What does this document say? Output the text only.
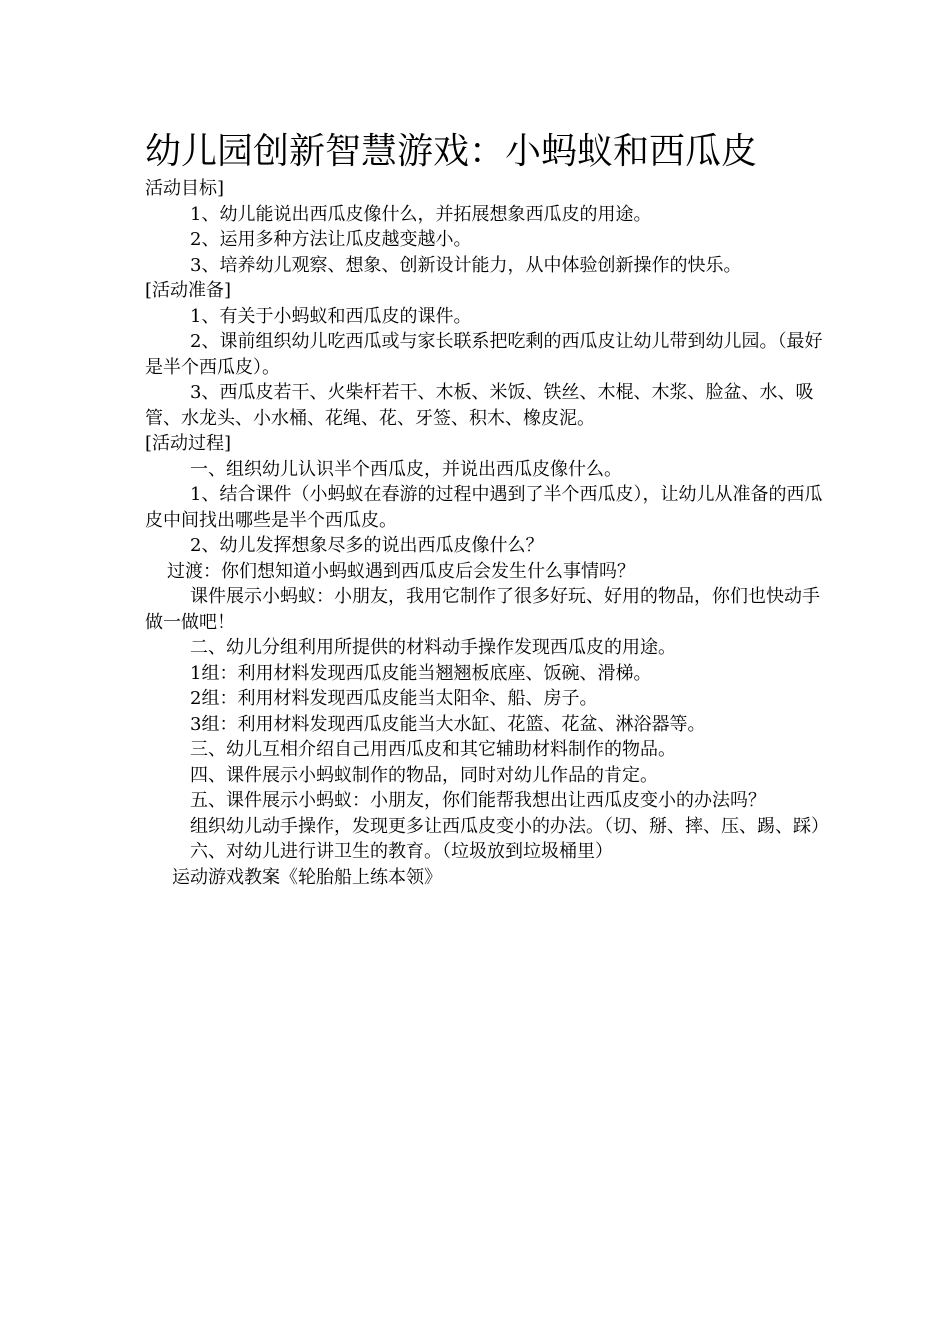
幼儿园创新智慧游戏：小蚂蚁和西瓜皮

活动目标]

1、幼儿能说出西瓜皮像什么，并拓展想象西瓜皮的用途。

2、运用多种方法让瓜皮越变越小。

3、培养幼儿观察、想象、创新设计能力，从中体验创新操作的快乐。

[活动准备]

1、有关于小蚂蚁和西瓜皮的课件。

2、课前组织幼儿吃西瓜或与家长联系把吃剩的西瓜皮让幼儿带到幼儿园。（最好是半个西瓜皮）。

3、西瓜皮若干、火柴杆若干、木板、米饭、铁丝、木棍、木浆、脸盆、水、吸管、水龙头、小水桶、花绳、花、牙签、积木、橡皮泥。

[活动过程]

一、组织幼儿认识半个西瓜皮，并说出西瓜皮像什么。

1、结合课件（小蚂蚁在春游的过程中遇到了半个西瓜皮），让幼儿从准备的西瓜皮中间找出哪些是半个西瓜皮。

2、幼儿发挥想象尽多的说出西瓜皮像什么？

过渡：你们想知道小蚂蚁遇到西瓜皮后会发生什么事情吗？

课件展示小蚂蚁：小朋友，我用它制作了很多好玩、好用的物品，你们也快动手做一做吧！

二、幼儿分组利用所提供的材料动手操作发现西瓜皮的用途。

1组：利用材料发现西瓜皮能当翘翘板底座、饭碗、滑梯。

2组：利用材料发现西瓜皮能当太阳伞、船、房子。

3组：利用材料发现西瓜皮能当大水缸、花篮、花盆、淋浴器等。

三、幼儿互相介绍自己用西瓜皮和其它辅助材料制作的物品。

四、课件展示小蚂蚁制作的物品，同时对幼儿作品的肯定。

五、课件展示小蚂蚁：小朋友，你们能帮我想出让西瓜皮变小的办法吗？

组织幼儿动手操作，发现更多让西瓜皮变小的办法。（切、掰、摔、压、踢、踩）

六、对幼儿进行讲卫生的教育。（垃圾放到垃圾桶里）

运动游戏教案《轮胎船上练本领》
